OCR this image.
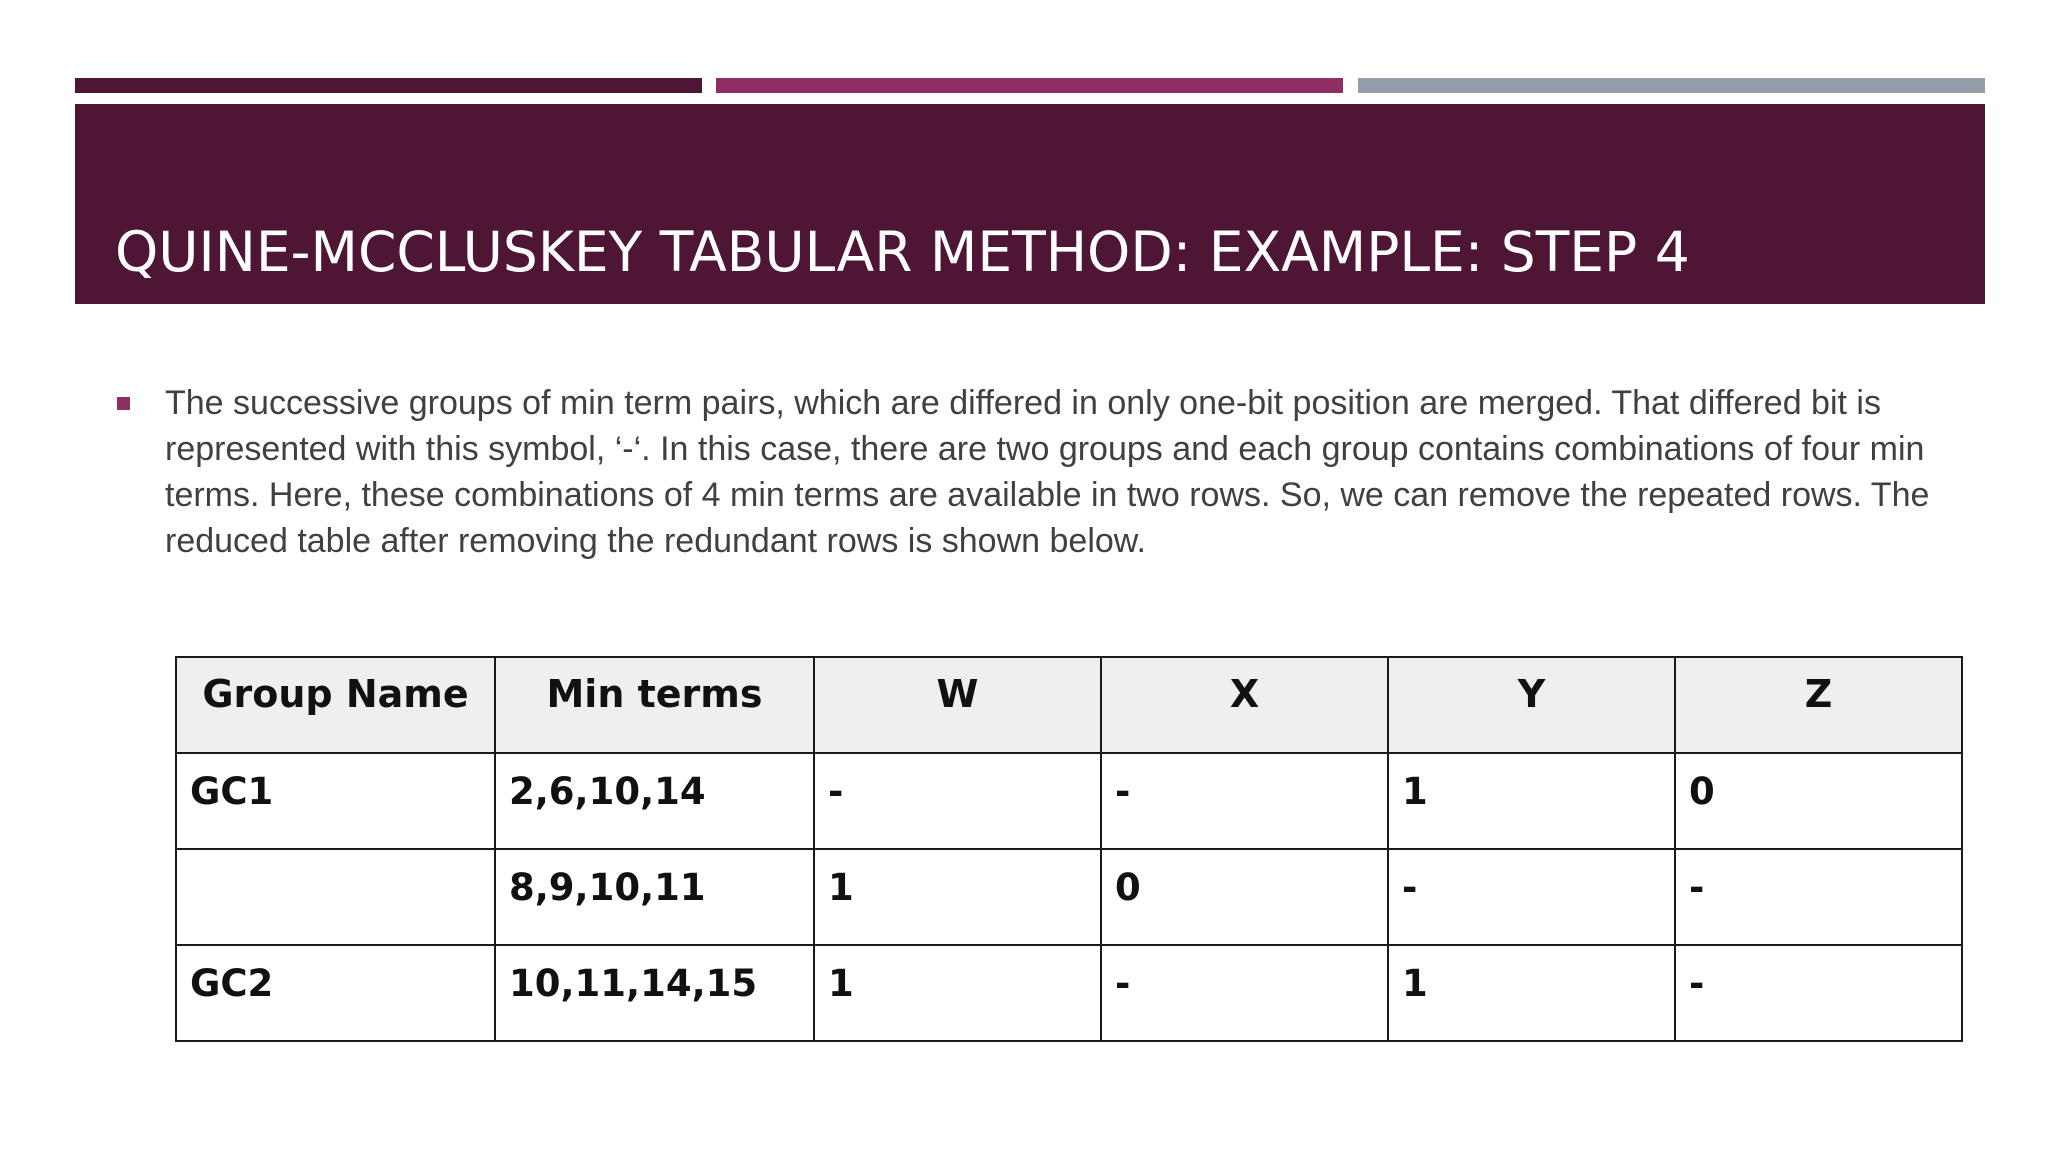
QUINE-MCCLUSKEY TABULAR METHOD: EXAMPLE: STEP 4
The successive groups of min term pairs, which are differed in only one-bit position are merged. That differed bit is represented with this symbol, ‘-‘. In this case, there are two groups and each group contains combinations of four min terms. Here, these combinations of 4 min terms are available in two rows. So, we can remove the repeated rows. The reduced table after removing the redundant rows is shown below.
Group Name	Min terms	W	X	Y	Z
GC1	2,6,10,14	-	-	1	0
	8,9,10,11	1	0	-	-
GC2	10,11,14,15	1	-	1	-
